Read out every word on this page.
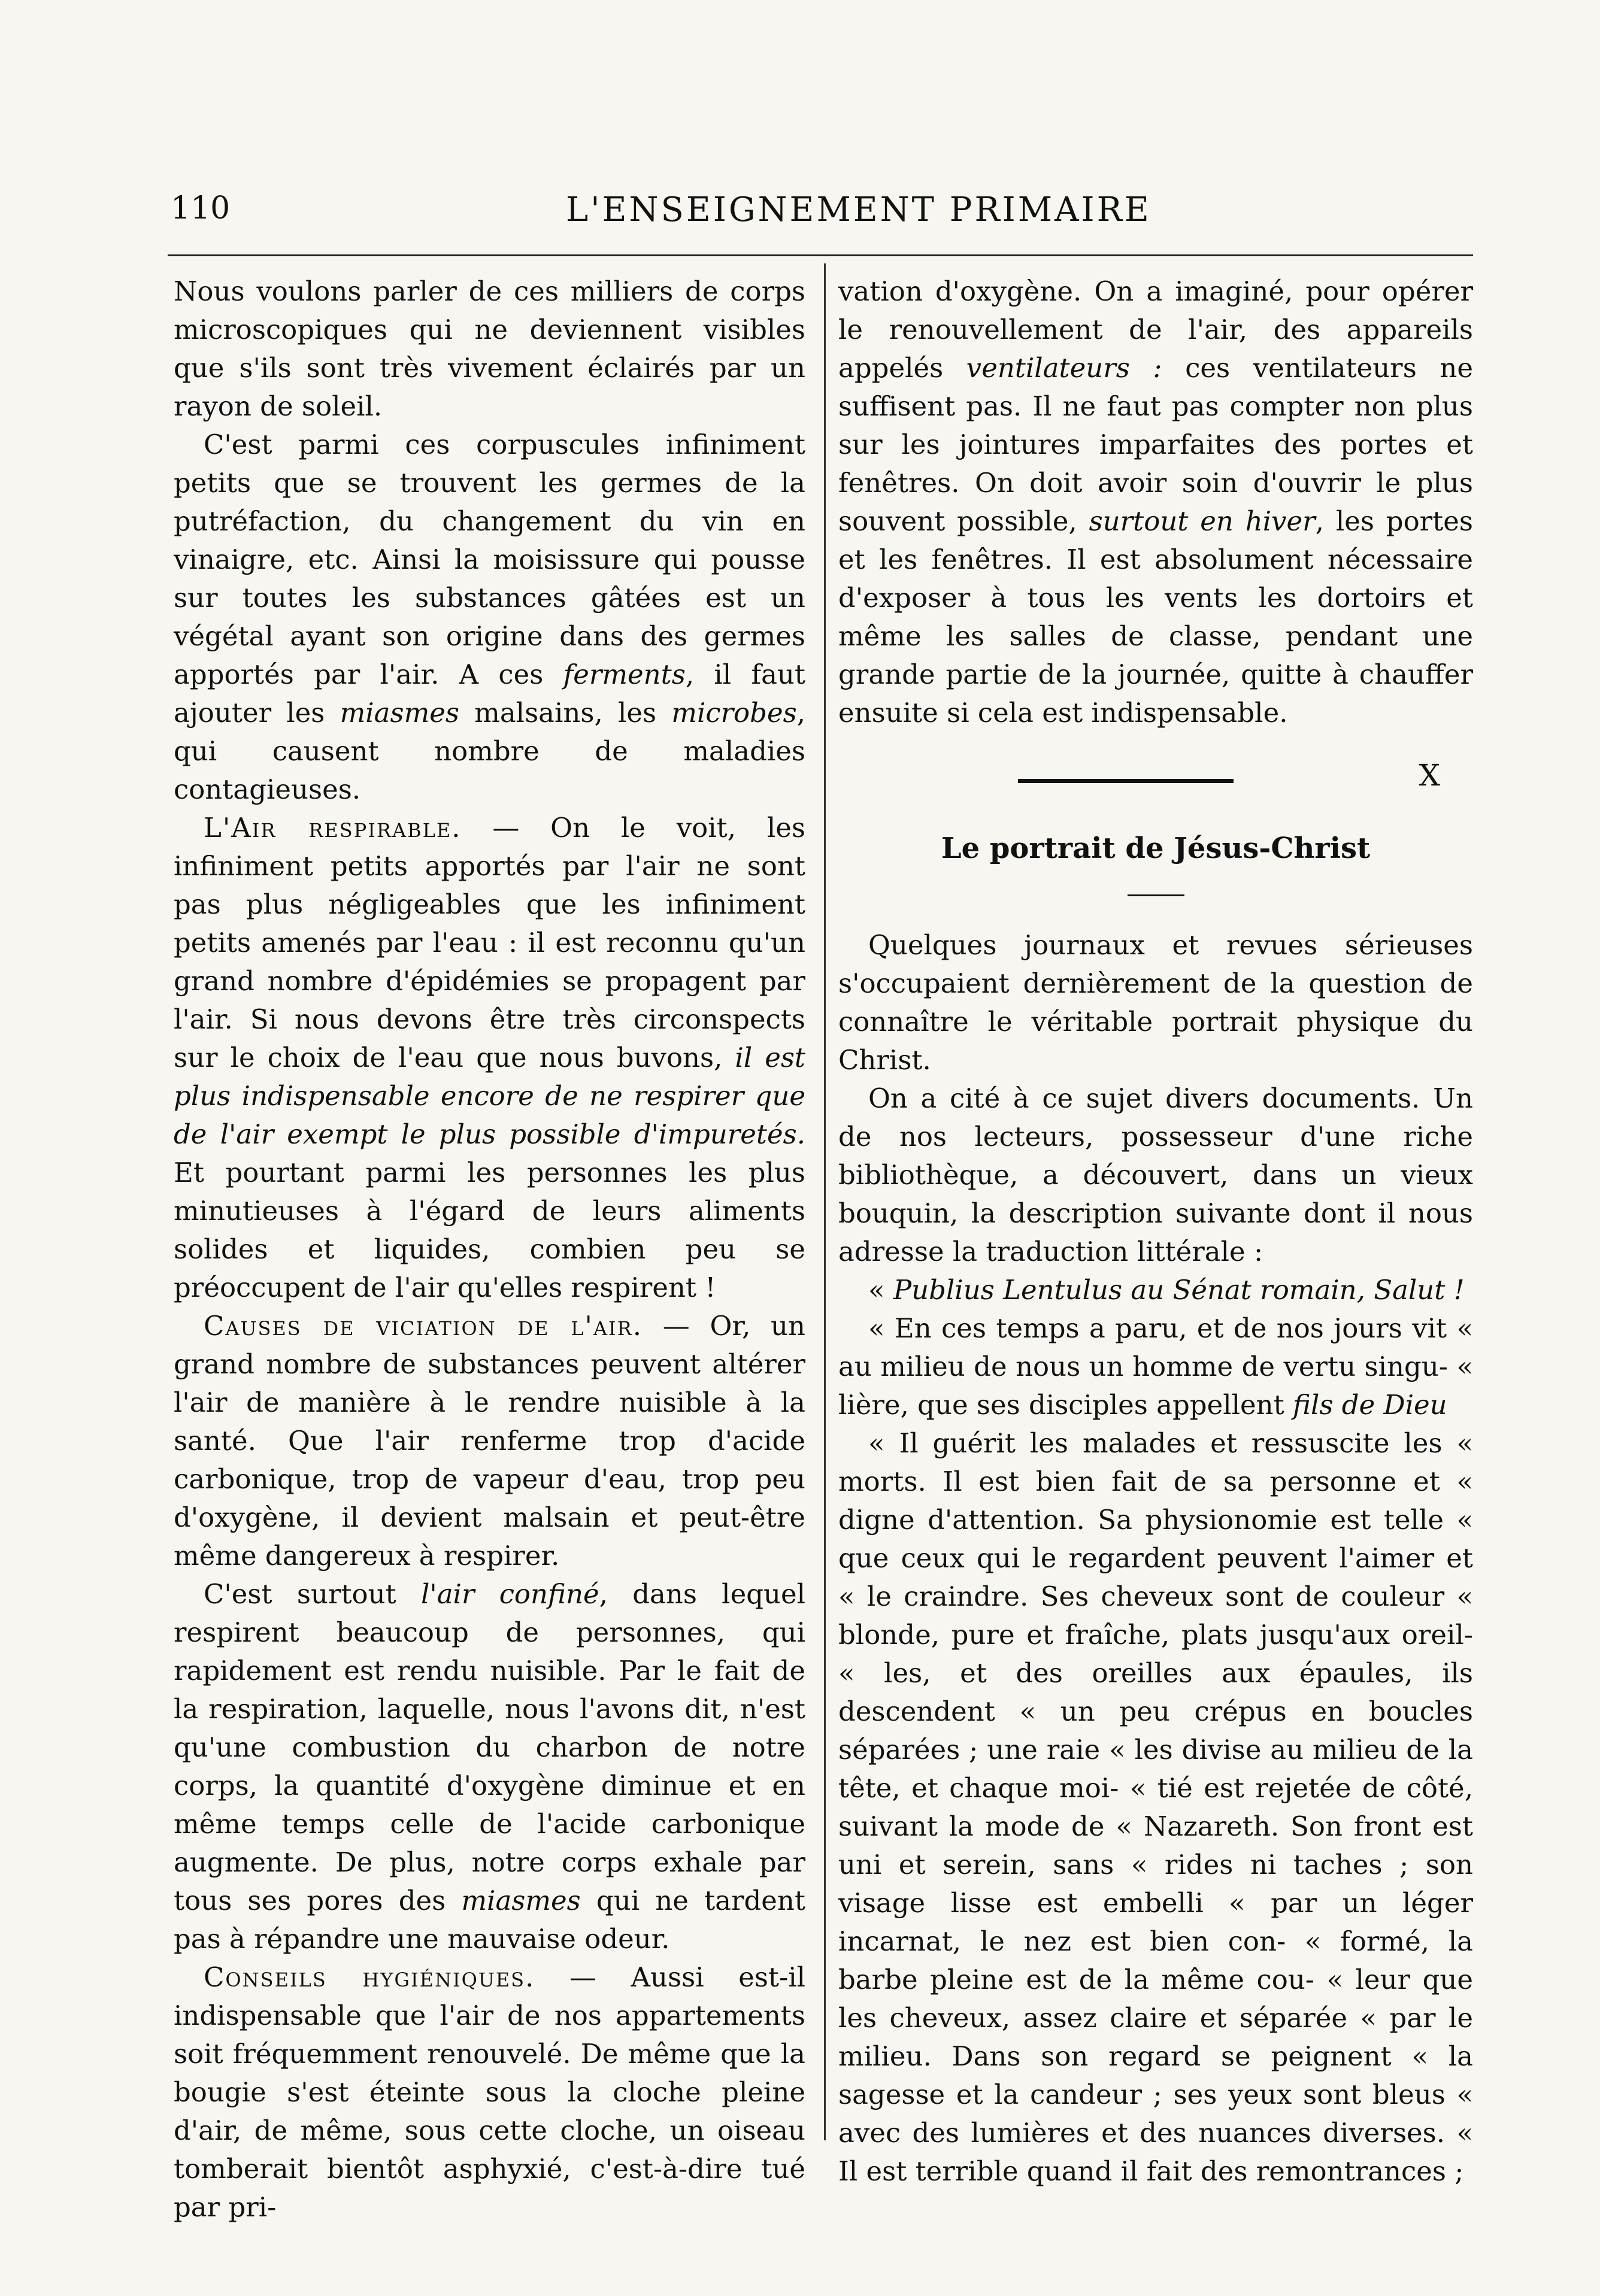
110	L'ENSEIGNEMENT PRIMAIRE

Nous voulons parler de ces milliers de corps microscopiques qui ne deviennent visibles que s'ils sont très vivement éclairés par un rayon de soleil.

C'est parmi ces corpuscules infiniment petits que se trouvent les germes de la putréfaction, du changement du vin en vinaigre, etc. Ainsi la moisissure qui pousse sur toutes les substances gâtées est un végétal ayant son origine dans des germes apportés par l'air. A ces ferments, il faut ajouter les miasmes malsains, les microbes, qui causent nombre de maladies contagieuses.

L'Air respirable. — On le voit, les infiniment petits apportés par l'air ne sont pas plus négligeables que les infiniment petits amenés par l'eau : il est reconnu qu'un grand nombre d'épidémies se propagent par l'air. Si nous devons être très circonspects sur le choix de l'eau que nous buvons, il est plus indispensable encore de ne respirer que de l'air exempt le plus possible d'impuretés. Et pourtant parmi les personnes les plus minutieuses à l'égard de leurs aliments solides et liquides, combien peu se préoccupent de l'air qu'elles respirent !

Causes de viciation de l'air. — Or, un grand nombre de substances peuvent altérer l'air de manière à le rendre nuisible à la santé. Que l'air renferme trop d'acide carbonique, trop de vapeur d'eau, trop peu d'oxygène, il devient malsain et peut-être même dangereux à respirer.

C'est surtout l'air confiné, dans lequel respirent beaucoup de personnes, qui rapidement est rendu nuisible. Par le fait de la respiration, laquelle, nous l'avons dit, n'est qu'une combustion du charbon de notre corps, la quantité d'oxygène diminue et en même temps celle de l'acide carbonique augmente. De plus, notre corps exhale par tous ses pores des miasmes qui ne tardent pas à répandre une mauvaise odeur.

Conseils hygiéniques. — Aussi est-il indispensable que l'air de nos appartements soit fréquemment renouvelé. De même que la bougie s'est éteinte sous la cloche pleine d'air, de même, sous cette cloche, un oiseau tomberait bientôt asphyxié, c'est-à-dire tué par pri-

vation d'oxygène. On a imaginé, pour opérer le renouvellement de l'air, des appareils appelés ventilateurs : ces ventilateurs ne suffisent pas. Il ne faut pas compter non plus sur les jointures imparfaites des portes et fenêtres. On doit avoir soin d'ouvrir le plus souvent possible, surtout en hiver, les portes et les fenêtres. Il est absolument nécessaire d'exposer à tous les vents les dortoirs et même les salles de classe, pendant une grande partie de la journée, quitte à chauffer ensuite si cela est indispensable.

X
Le portrait de Jésus-Christ

Quelques journaux et revues sérieuses s'occupaient dernièrement de la question de connaître le véritable portrait physique du Christ.

On a cité à ce sujet divers documents. Un de nos lecteurs, possesseur d'une riche bibliothèque, a découvert, dans un vieux bouquin, la description suivante dont il nous adresse la traduction littérale :

« Publius Lentulus au Sénat romain, Salut !

« En ces temps a paru, et de nos jours vit « au milieu de nous un homme de vertu singu- « lière, que ses disciples appellent fils de Dieu

« Il guérit les malades et ressuscite les « morts. Il est bien fait de sa personne et « digne d'attention. Sa physionomie est telle « que ceux qui le regardent peuvent l'aimer et « le craindre. Ses cheveux sont de couleur « blonde, pure et fraîche, plats jusqu'aux oreil- « les, et des oreilles aux épaules, ils descendent « un peu crépus en boucles séparées ; une raie « les divise au milieu de la tête, et chaque moi- « tié est rejetée de côté, suivant la mode de « Nazareth. Son front est uni et serein, sans « rides ni taches ; son visage lisse est embelli « par un léger incarnat, le nez est bien con- « formé, la barbe pleine est de la même cou- « leur que les cheveux, assez claire et séparée « par le milieu. Dans son regard se peignent « la sagesse et la candeur ; ses yeux sont bleus « avec des lumières et des nuances diverses. « Il est terrible quand il fait des remontrances ;
